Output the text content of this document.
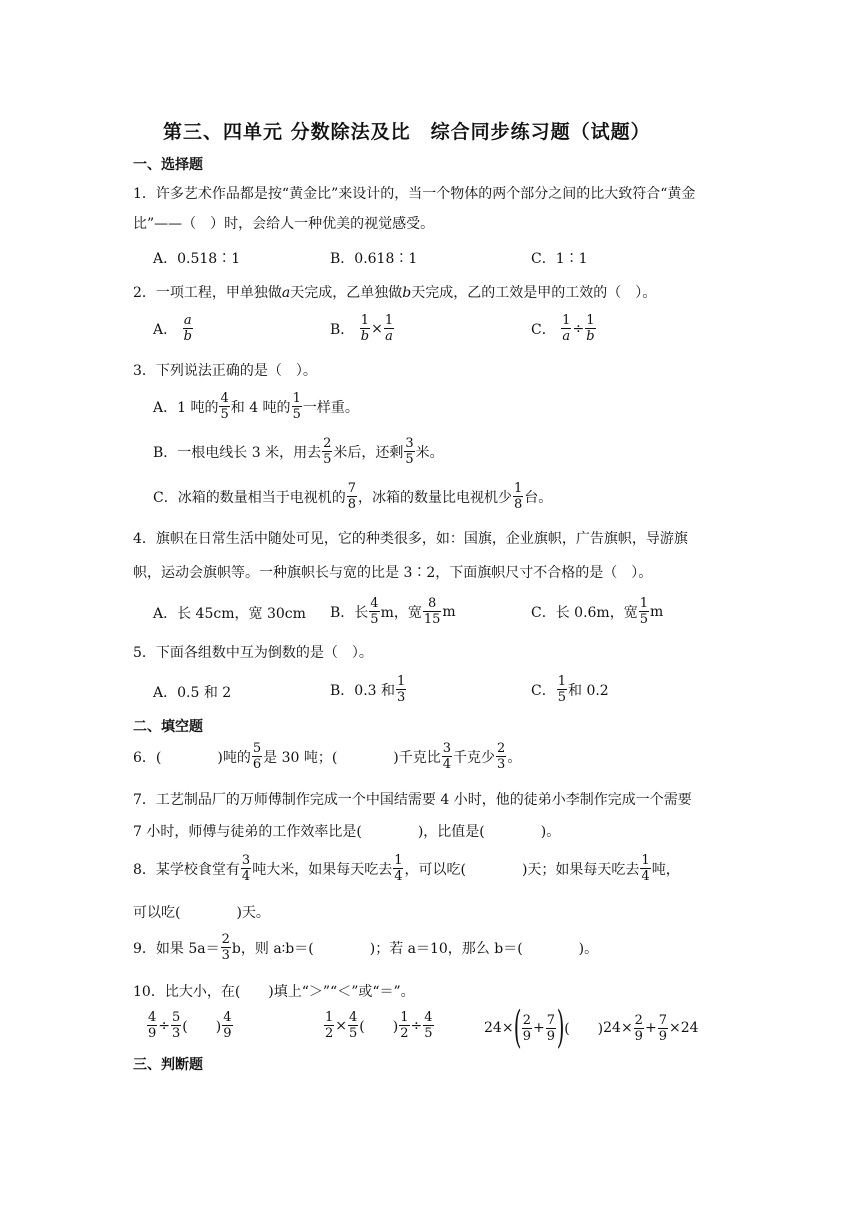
第三、四单元 分数除法及比　综合同步练习题（试题）
一、选择题
1．许多艺术作品都是按“黄金比”来设计的，当一个物体的两个部分之间的比大致符合“黄金
比”——（　）时，会给人一种优美的视觉感受。
A．0.518∶1	B．0.618∶1	C．1∶1
2．一项工程，甲单独做a天完成，乙单独做b天完成，乙的工效是甲的工效的（　）。
A． $\frac{a}{b}$	B． $\frac{1}{b} \times \frac{1}{a}$	C． $\frac{1}{a} \div \frac{1}{b}$
3．下列说法正确的是（　）。
A．1 吨的 $\frac{4}{5}$ 和 4 吨的 $\frac{1}{5}$ 一样重。
B．一根电线长 3 米，用去 $\frac{2}{5}$ 米后，还剩 $\frac{3}{5}$ 米。
C．冰箱的数量相当于电视机的 $\frac{7}{8}$ ，冰箱的数量比电视机少 $\frac{1}{8}$ 台。
4．旗帜在日常生活中随处可见，它的种类很多，如：国旗，企业旗帜，广告旗帜，导游旗
帜，运动会旗帜等。一种旗帜长与宽的比是 3∶2，下面旗帜尺寸不合格的是（　）。
A．长 45cm，宽 30cm B．长 $\frac{4}{5}$ m，宽 $\frac{8}{15}$ m	C．长 0.6m，宽 $\frac{1}{5}$ m
5．下面各组数中互为倒数的是（　）。
A．0.5 和 2	B．0.3 和 $\frac{1}{3}$	C． $\frac{1}{5}$ 和 0.2
二、填空题
6．(　　　　)吨的 $\frac{5}{6}$ 是 30 吨；(　　　　)千克比 $\frac{3}{4}$ 千克少 $\frac{2}{3}$ 。
7．工艺制品厂的万师傅制作完成一个中国结需要 4 小时，他的徒弟小李制作完成一个需要
7 小时，师傅与徒弟的工作效率比是(　　　　)，比值是(　　　　)。
8．某学校食堂有 $\frac{3}{4}$ 吨大米，如果每天吃去 $\frac{1}{4}$ ，可以吃(　　　　)天；如果每天吃去 $\frac{1}{4}$ 吨，
可以吃(　　　　)天。
9．如果 $5a= \frac{2}{3}$ b，则 a∶b＝(　　　　)；若 a＝10，那么 b＝(　　　　)。
10．比大小，在(　　)填上“＞”“＜”或“＝”。
$\frac{4}{9} \div \frac{5}{3}$ (　　) $\frac{4}{9}$	$\frac{1}{2} \times \frac{4}{5}$ (　　) $\frac{1}{2} \div \frac{4}{5}$	$24\times( \frac{2}{9} + \frac{7}{9}$ )(　　)$24\times \frac{2}{9} + \frac{7}{9} \times 24$
三、判断题
